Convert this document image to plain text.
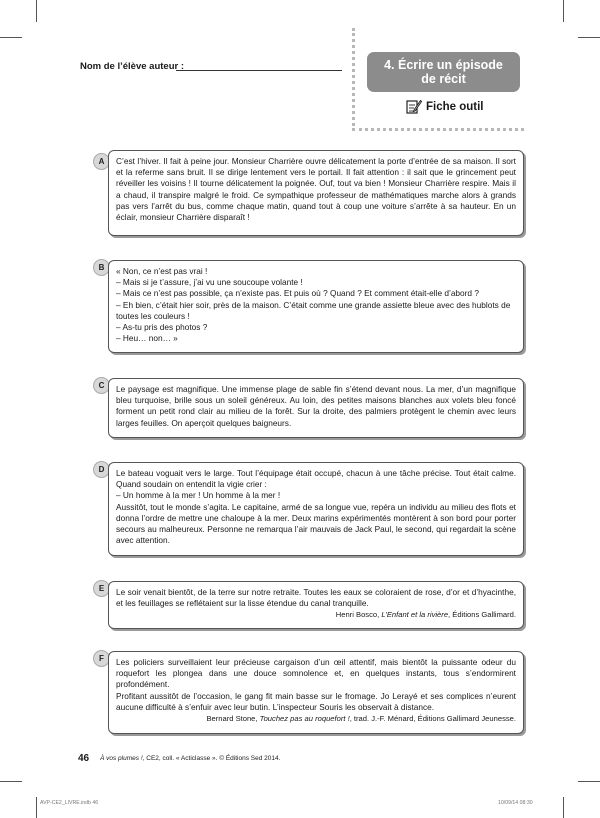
Nom de l’élève auteur :	4. Écrire un épisode
de récit
Fiche outil
A	C’est l’hiver. Il fait à peine jour. Monsieur Charrière ouvre délicatement la porte d’entrée de sa maison. Il sort et la referme sans bruit. Il se dirige lentement vers le portail. Il fait attention : il sait que le grincement peut réveiller les voisins ! Il tourne délicatement la poignée. Ouf, tout va bien ! Monsieur Charrière respire. Mais il a chaud, il transpire malgré le froid. Ce sympathique professeur de mathématiques marche alors à grands pas vers l’arrêt du bus, comme chaque matin, quand tout à coup une voiture s’arrête à sa hauteur. En un éclair, monsieur Charrière disparaît !

B	« Non, ce n’est pas vrai !

– Mais si je t’assure, j’ai vu une soucoupe volante !

– Mais ce n’est pas possible, ça n’existe pas. Et puis où ? Quand ? Et comment était-elle d’abord ?

– Eh bien, c’était hier soir, près de la maison. C’était comme une grande assiette bleue avec des hublots de toutes les couleurs !

– As-tu pris des photos ?

– Heu… non… »

C	Le paysage est magnifique. Une immense plage de sable fin s’étend devant nous. La mer, d’un magnifique bleu turquoise, brille sous un soleil généreux. Au loin, des petites maisons blanches aux volets bleu foncé forment un petit rond clair au milieu de la forêt. Sur la droite, des palmiers protègent le chemin avec leurs larges feuilles. On aperçoit quelques baigneurs.

D	Le bateau voguait vers le large. Tout l’équipage était occupé, chacun à une tâche précise. Tout était calme. Quand soudain on entendit la vigie crier :

– Un homme à la mer ! Un homme à la mer !

Aussitôt, tout le monde s’agita. Le capitaine, armé de sa longue vue, repéra un individu au milieu des flots et donna l’ordre de mettre une chaloupe à la mer. Deux marins expérimentés montèrent à son bord pour porter secours au malheureux. Personne ne remarqua l’air mauvais de Jack Paul, le second, qui regardait la scène avec attention.

E	Le soir venait bientôt, de la terre sur notre retraite. Toutes les eaux se coloraient de rose, d’or et d’hyacinthe, et les feuillages se reflétaient sur la lisse étendue du canal tranquille.

Henri Bosco, L’Enfant et la rivière, Éditions Gallimard.

F	Les policiers surveillaient leur précieuse cargaison d’un œil attentif, mais bientôt la puissante odeur du roquefort les plongea dans une douce somnolence et, en quelques instants, tous s’endormirent profondément.

Profitant aussitôt de l’occasion, le gang fit main basse sur le fromage. Jo Lerayé et ses complices n’eurent aucune difficulté à s’enfuir avec leur butin. L’inspecteur Souris les observait à distance.

Bernard Stone, Touchez pas au roquefort !, trad. J.-F. Ménard, Éditions Gallimard Jeunesse.

46 À vos plumes !, CE2, coll. « Acticlasse ». © Éditions Sed 2014.
AVP-CE2_LIVRE.indb 46	10/09/14 08:30
